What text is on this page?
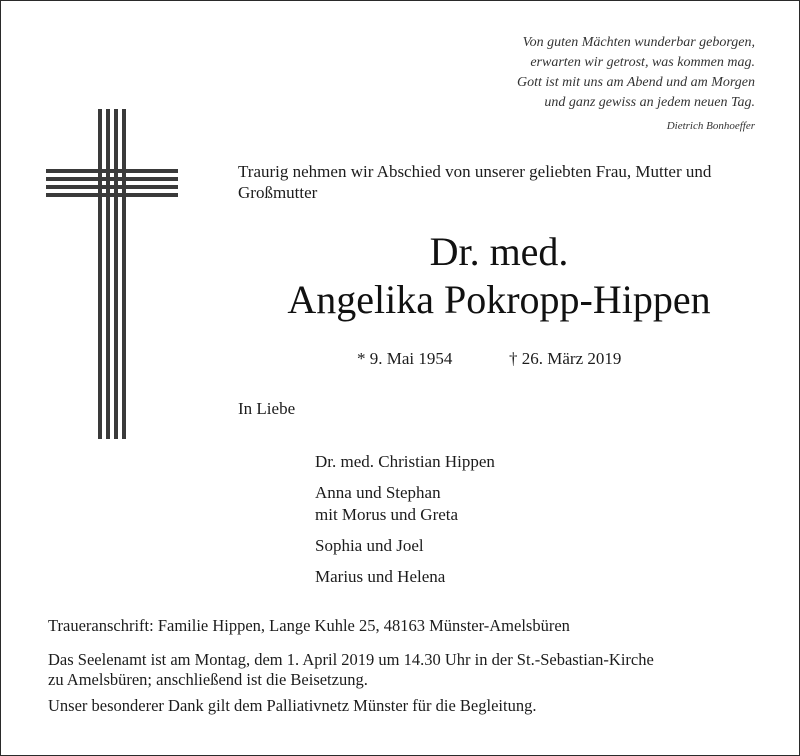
Von guten Mächten wunderbar geborgen,
erwarten wir getrost, was kommen mag.
Gott ist mit uns am Abend und am Morgen
und ganz gewiss an jedem neuen Tag.
Dietrich Bonhoeffer
Traurig nehmen wir Abschied von unserer geliebten Frau, Mutter und Großmutter
Dr. med.
Angelika Pokropp-Hippen
* 9. Mai 1954	† 26. März 2019
In Liebe
Dr. med. Christian Hippen
Anna und Stephan
mit Morus und Greta
Sophia und Joel
Marius und Helena
Traueranschrift: Familie Hippen, Lange Kuhle 25, 48163 Münster-Amelsbüren
Das Seelenamt ist am Montag, dem 1. April 2019 um 14.30 Uhr in der St.-Sebastian-Kirche
zu Amelsbüren; anschließend ist die Beisetzung.
Unser besonderer Dank gilt dem Palliativnetz Münster für die Begleitung.
